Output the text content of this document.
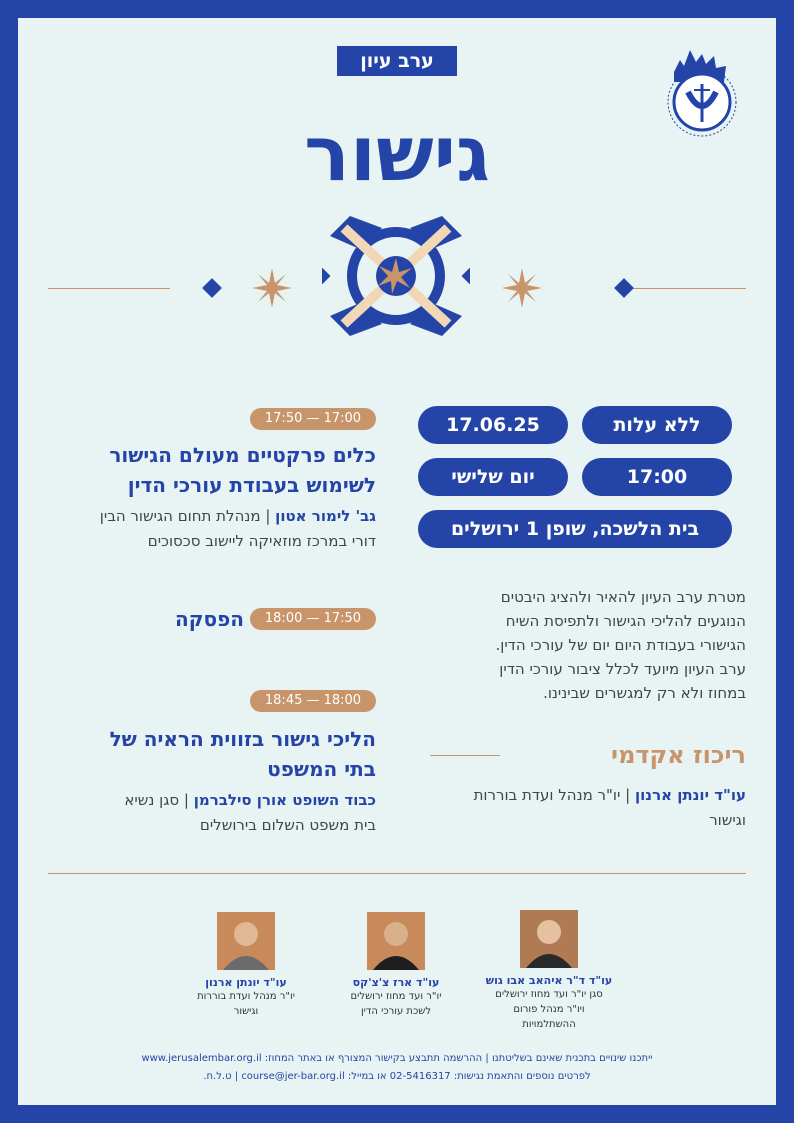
ערב עיון
גישור
ללא עלות
17.06.25
17:00
יום שלישי
בית הלשכה, שופן 1 ירושלים
מטרת ערב העיון להאיר ולהציג היבטים
הנוגעים להליכי הגישור ולתפיסת השיח
הגישורי בעבודת היום יום של עורכי הדין.
ערב העיון מיועד לכלל ציבור עורכי הדין
במחוז ולא רק למגשרים שבינינו.
ריכוז אקדמי
עו"ד יונתן ארנון | יו"ר מנהל ועדת בוררות
וגישור
17:50 — 17:00
כלים פרקטיים מעולם הגישור
לשימוש בעבודת עורכי הדין
גב' לימור אטון | מנהלת תחום הגישור הבין
דורי במרכז מוזאיקה ליישוב סכסוכים
18:00 — 17:50
הפסקה
18:45 — 18:00
הליכי גישור בזווית הראיה של
בתי המשפט
כבוד השופט אורן סילברמן | סגן נשיא
בית משפט השלום בירושלים
עו"ד ד"ר איהאב אבו גוש
סגן יו"ר ועד מחוז ירושלים
ויו"ר מנהל פורום
ההשתלמויות
עו"ד ארז צ'צ'קס
יו"ר ועד מחוז ירושלים
לשכת עורכי הדין
עו"ד יונתן ארנון
יו"ר מנהל ועדת בוררות
וגישור
ייתכנו שינויים בתכנית שאינם בשליטתנו | ההרשמה תתבצע בקישור המצורף או באתר המחוז: www.jerusalembar.org.il
לפרטים נוספים והתאמת נגישות: 02-5416317 או במייל: course@jer-bar.org.il | ט.ל.ח.
